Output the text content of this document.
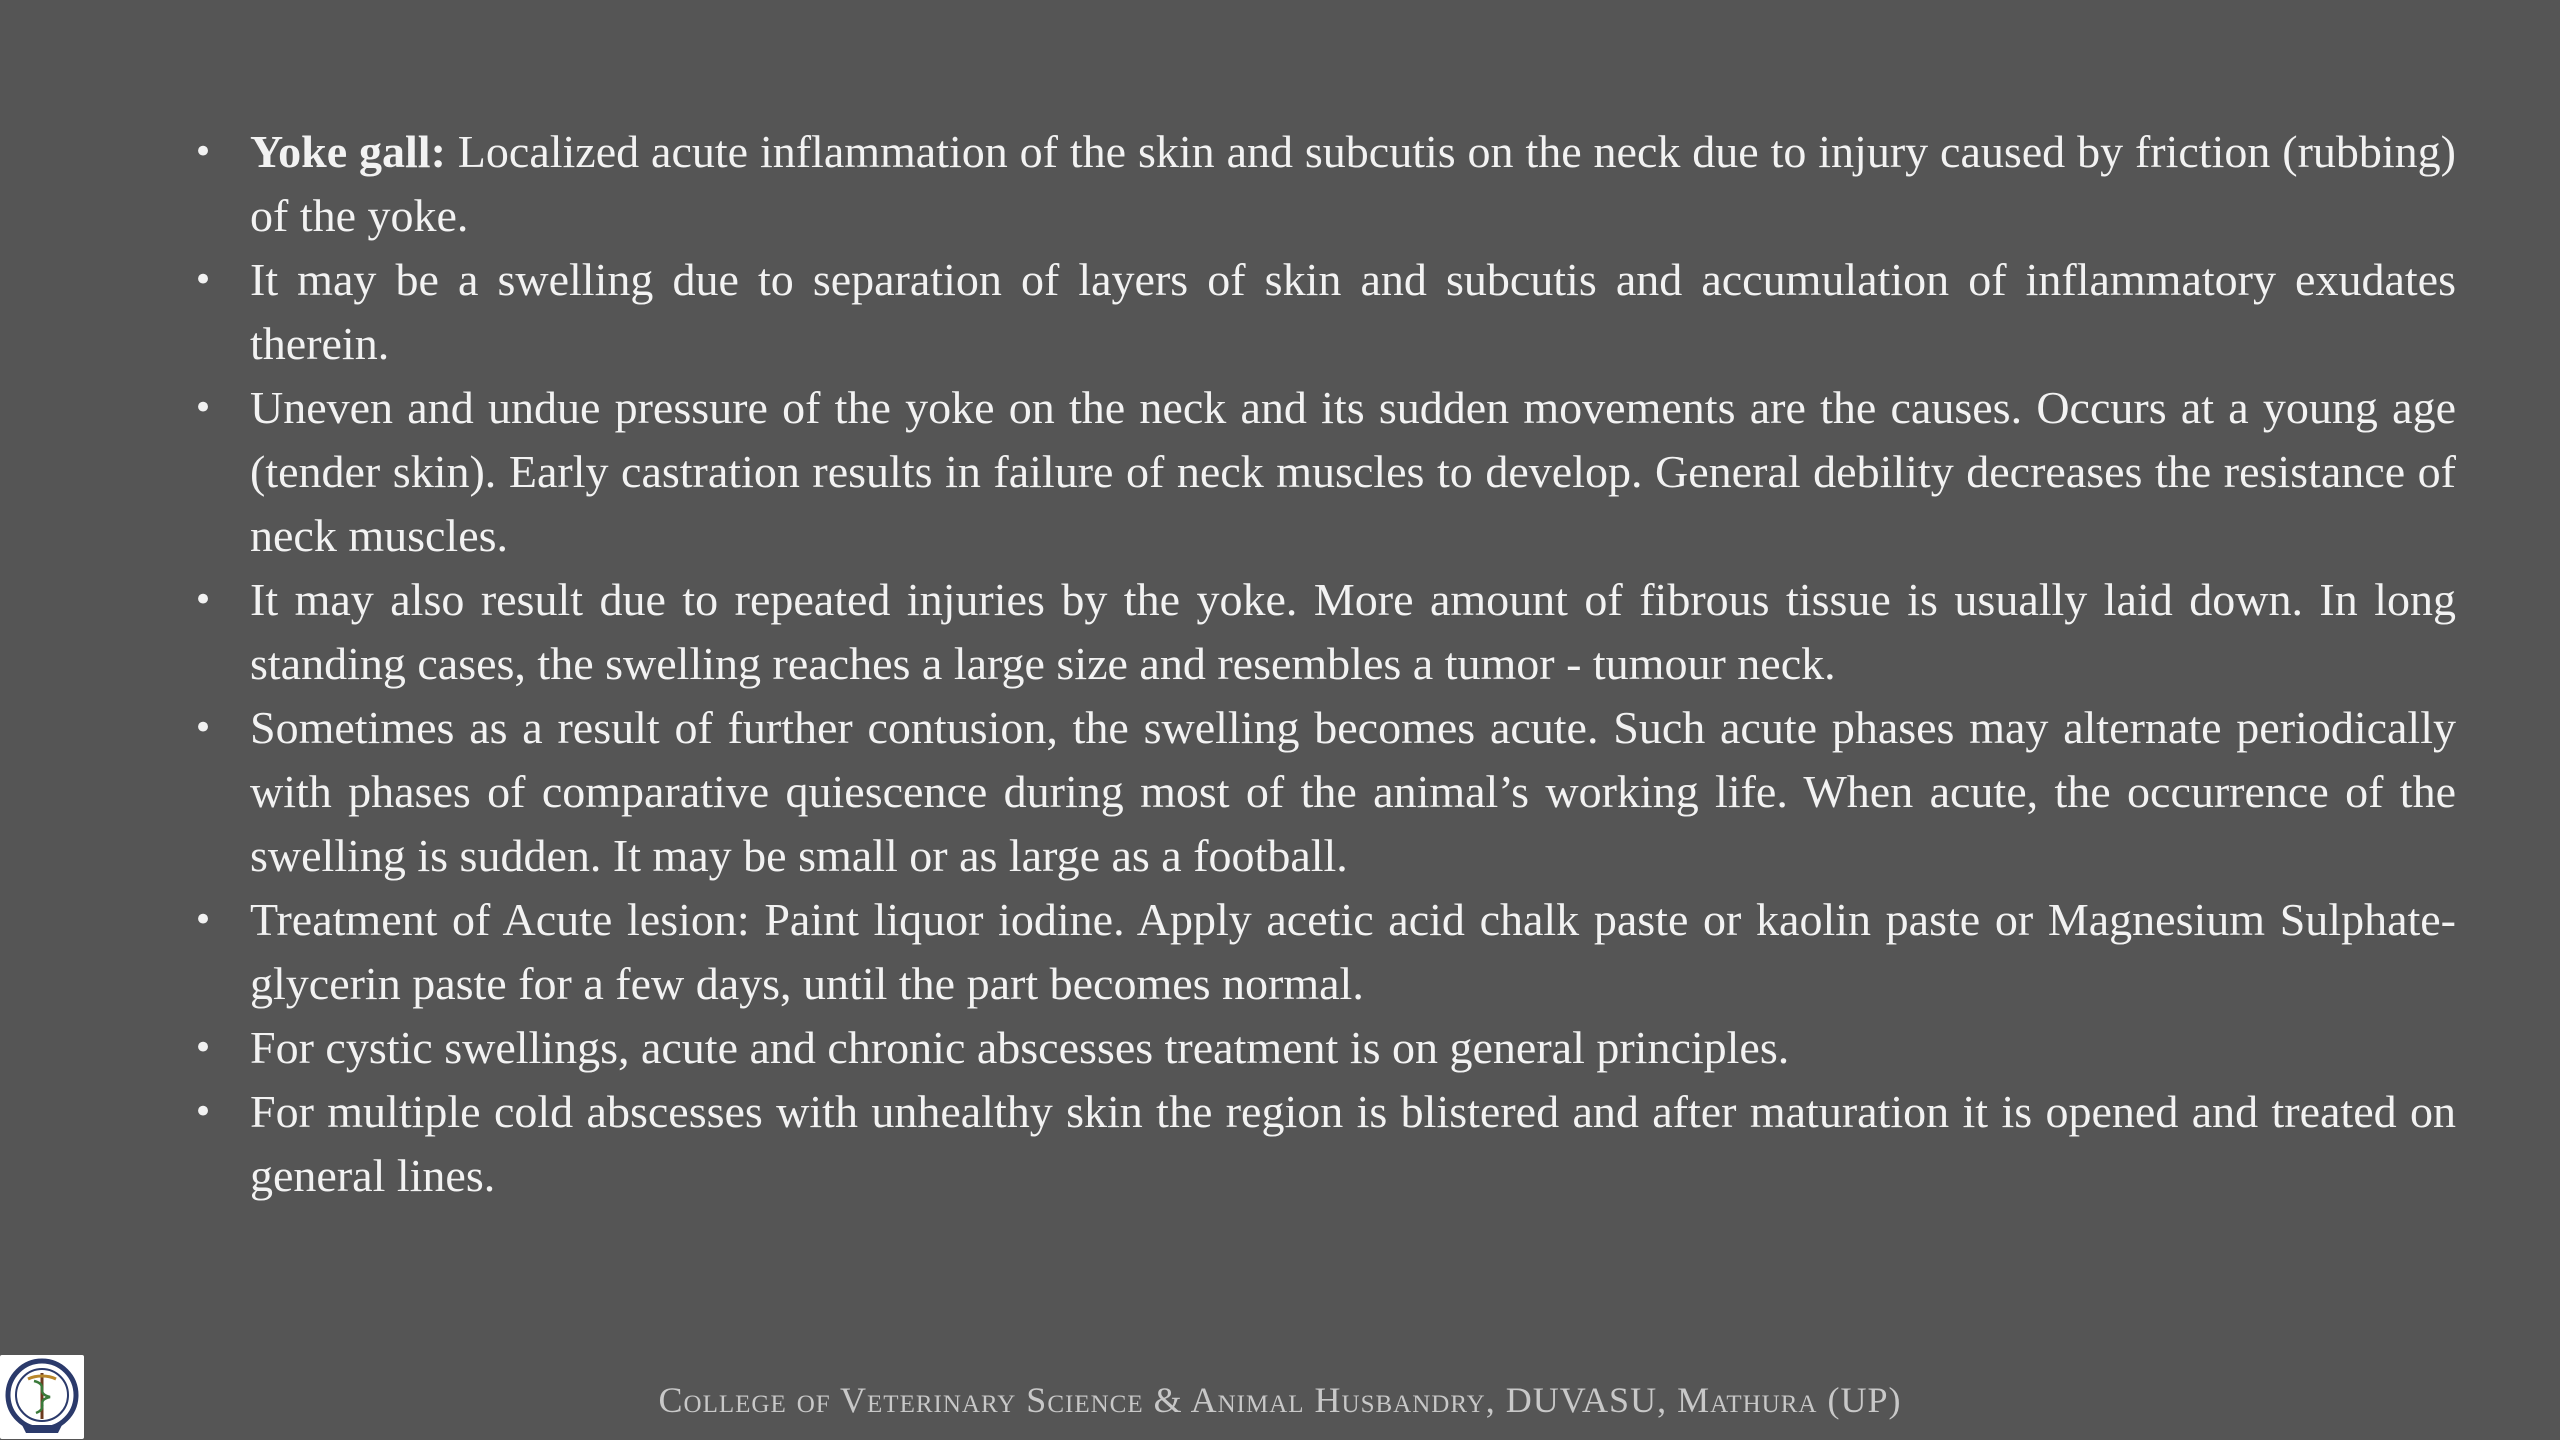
• Yoke gall: Localized acute inflammation of the skin and subcutis on the neck due to injury caused by friction (rubbing) of the yoke.
• It may be a swelling due to separation of layers of skin and subcutis and accumulation of inflammatory exudates therein.
• Uneven and undue pressure of the yoke on the neck and its sudden movements are the causes. Occurs at a young age (tender skin). Early castration results in failure of neck muscles to develop. General debility decreases the resistance of neck muscles.
• It may also result due to repeated injuries by the yoke. More amount of fibrous tissue is usually laid down. In long standing cases, the swelling reaches a large size and resembles a tumor - tumour neck.
• Sometimes as a result of further contusion, the swelling becomes acute. Such acute phases may alternate periodically with phases of comparative quiescence during most of the animal’s working life. When acute, the occurrence of the swelling is sudden. It may be small or as large as a football.
• Treatment of Acute lesion: Paint liquor iodine. Apply acetic acid chalk paste or kaolin paste or Magnesium Sulphate-glycerin paste for a few days, until the part becomes normal.
• For cystic swellings, acute and chronic abscesses treatment is on general principles.
• For multiple cold abscesses with unhealthy skin the region is blistered and after maturation it is opened and treated on general lines.
College of Veterinary Science & Animal Husbandry, DUVASU, Mathura (UP)
